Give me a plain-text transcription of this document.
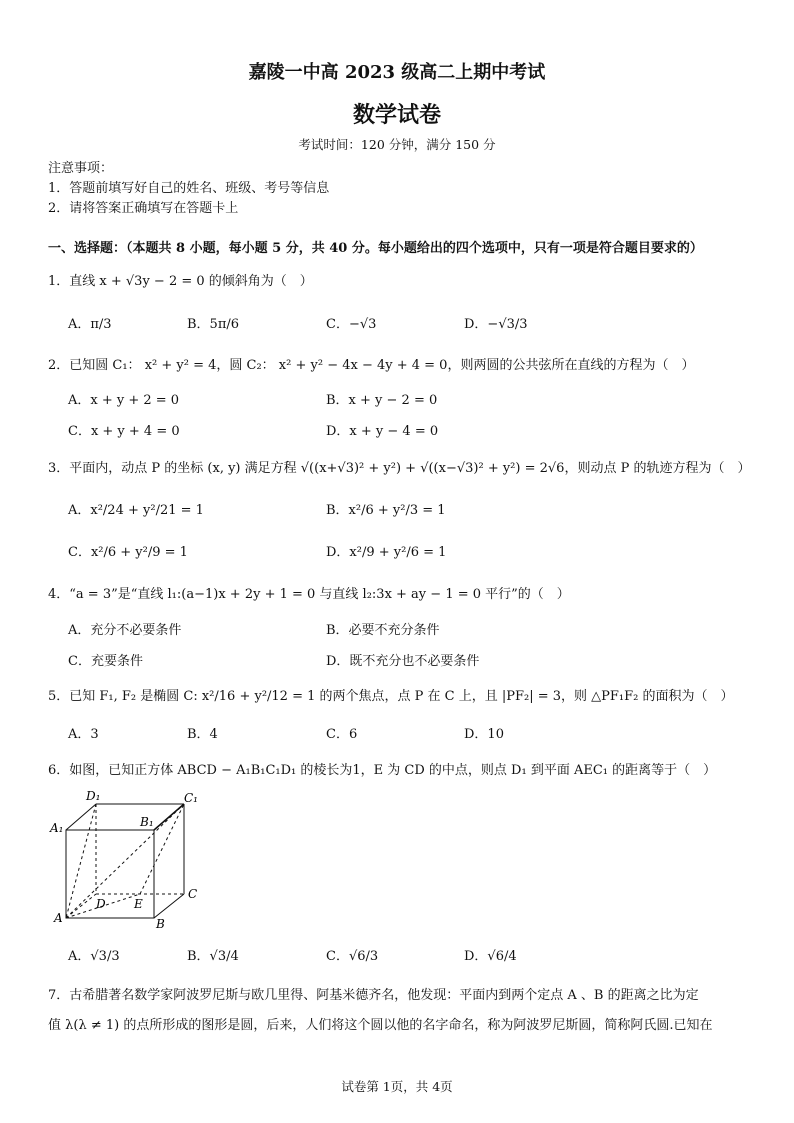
嘉陵一中高 2023 级高二上期中考试
数学试卷
考试时间：120 分钟，满分 150 分
注意事项：
1．答题前填写好自己的姓名、班级、考号等信息
2．请将答案正确填写在答题卡上
一、选择题：（本题共 8 小题，每小题 5 分，共 40 分。每小题给出的四个选项中，只有一项是符合题目要求的）
1．直线 x + √3y − 2 = 0 的倾斜角为（　）
A．π/3	B．5π/6	C．−√3	D．−√3/3
2．已知圆 C₁： x² + y² = 4，圆 C₂： x² + y² − 4x − 4y + 4 = 0，则两圆的公共弦所在直线的方程为（　）
A．x + y + 2 = 0	B．x + y − 2 = 0
C．x + y + 4 = 0	D．x + y − 4 = 0
3．平面内，动点 P 的坐标 (x, y) 满足方程 √((x+√3)² + y²) + √((x−√3)² + y²) = 2√6，则动点 P 的轨迹方程为（　）
A．x²/24 + y²/21 = 1	B．x²/6 + y²/3 = 1
C．x²/6 + y²/9 = 1	D．x²/9 + y²/6 = 1
4．“a = 3”是“直线 l₁:(a−1)x + 2y + 1 = 0 与直线 l₂:3x + ay − 1 = 0 平行”的（　）
A．充分不必要条件	B．必要不充分条件
C．充要条件	D．既不充分也不必要条件
5．已知 F₁, F₂ 是椭圆 C: x²/16 + y²/12 = 1 的两个焦点，点 P 在 C 上，且 |PF₂| = 3，则 △PF₁F₂ 的面积为（　）
A．3	B．4	C．6	D．10
6．如图，已知正方体 ABCD − A₁B₁C₁D₁ 的棱长为1，E 为 CD 的中点，则点 D₁ 到平面 AEC₁ 的距离等于（　）
D₁	C₁
A₁	B₁
D E
C
A	B
A．√3/3	B．√3/4	C．√6/3	D．√6/4
7．古希腊著名数学家阿波罗尼斯与欧几里得、阿基米德齐名，他发现：平面内到两个定点 A 、B 的距离之比为定
值 λ(λ ≠ 1) 的点所形成的图形是圆，后来，人们将这个圆以他的名字命名，称为阿波罗尼斯圆，简称阿氏圆.已知在
试卷第 1页，共 4页
